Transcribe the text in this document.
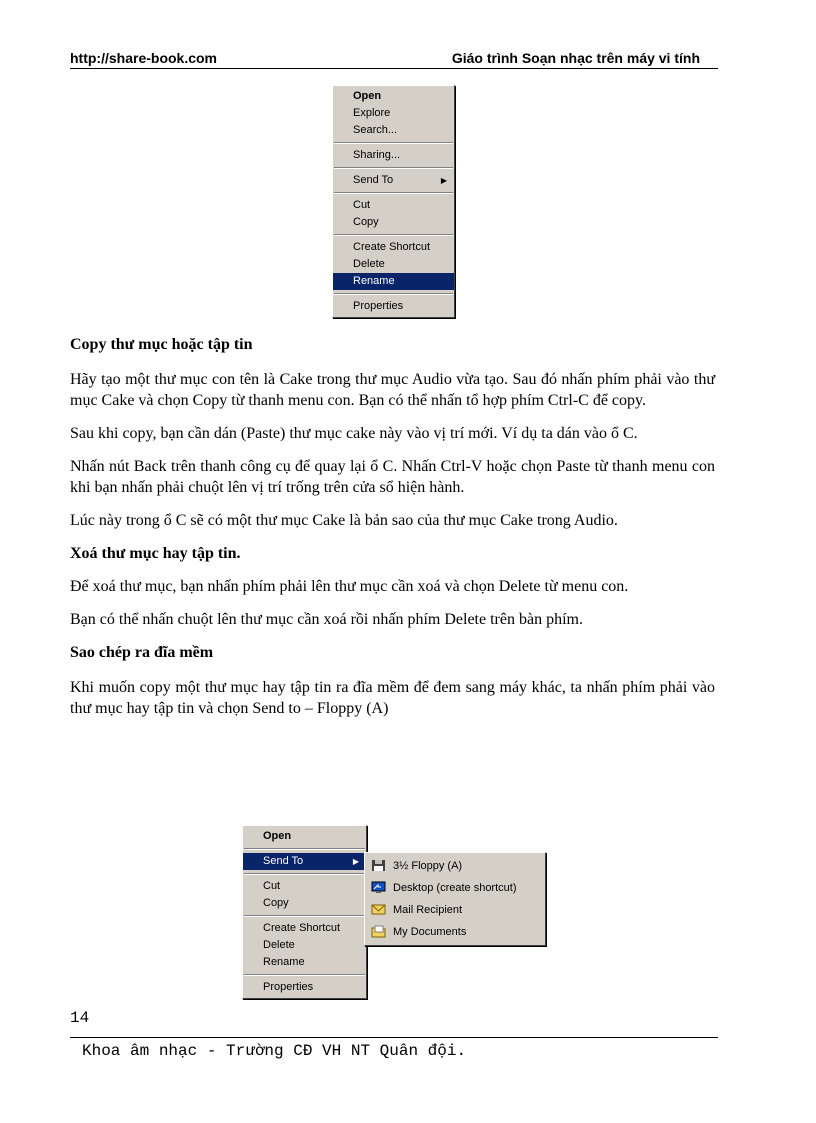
http://share-book.com	Giáo trình Soạn nhạc trên máy vi tính
Open
Explore
Search...
Sharing...
Send To	▶
Cut
Copy
Create Shortcut
Delete
Rename
Properties

Copy thư mục hoặc tập tin

Hãy tạo một thư mục con tên là Cake trong thư mục Audio vừa tạo. Sau đó nhấn phím phải vào thư mục Cake và chọn Copy từ thanh menu con. Bạn có thể nhấn tổ hợp phím Ctrl-C để copy.

Sau khi copy, bạn cần dán (Paste) thư mục cake này vào vị trí mới. Ví dụ ta dán vào ổ C.

Nhấn nút Back trên thanh công cụ để quay lại ổ C. Nhấn Ctrl-V hoặc chọn Paste từ thanh menu con khi bạn nhấn phải chuột lên vị trí trống trên cửa sổ hiện hành.

Lúc này trong ổ C sẽ có một thư mục Cake là bản sao của thư mục Cake trong Audio.

Xoá thư mục hay tập tin.

Để xoá thư mục, bạn nhấn phím phải lên thư mục cần xoá và chọn Delete từ menu con.

Bạn có thể nhấn chuột lên thư mục cần xoá rồi nhấn phím Delete trên bàn phím.

Sao chép ra đĩa mềm

Khi muốn copy một thư mục hay tập tin ra đĩa mềm để đem sang máy khác, ta nhấn phím phải vào thư mục hay tập tin và chọn Send to – Floppy (A)

Open
Send To	▶
Cut
Copy
Create Shortcut
Delete
Rename
Properties
3½ Floppy (A)
Desktop (create shortcut)
Mail Recipient
My Documents
14
Khoa âm nhạc - Trường CĐ VH NT Quân đội.
